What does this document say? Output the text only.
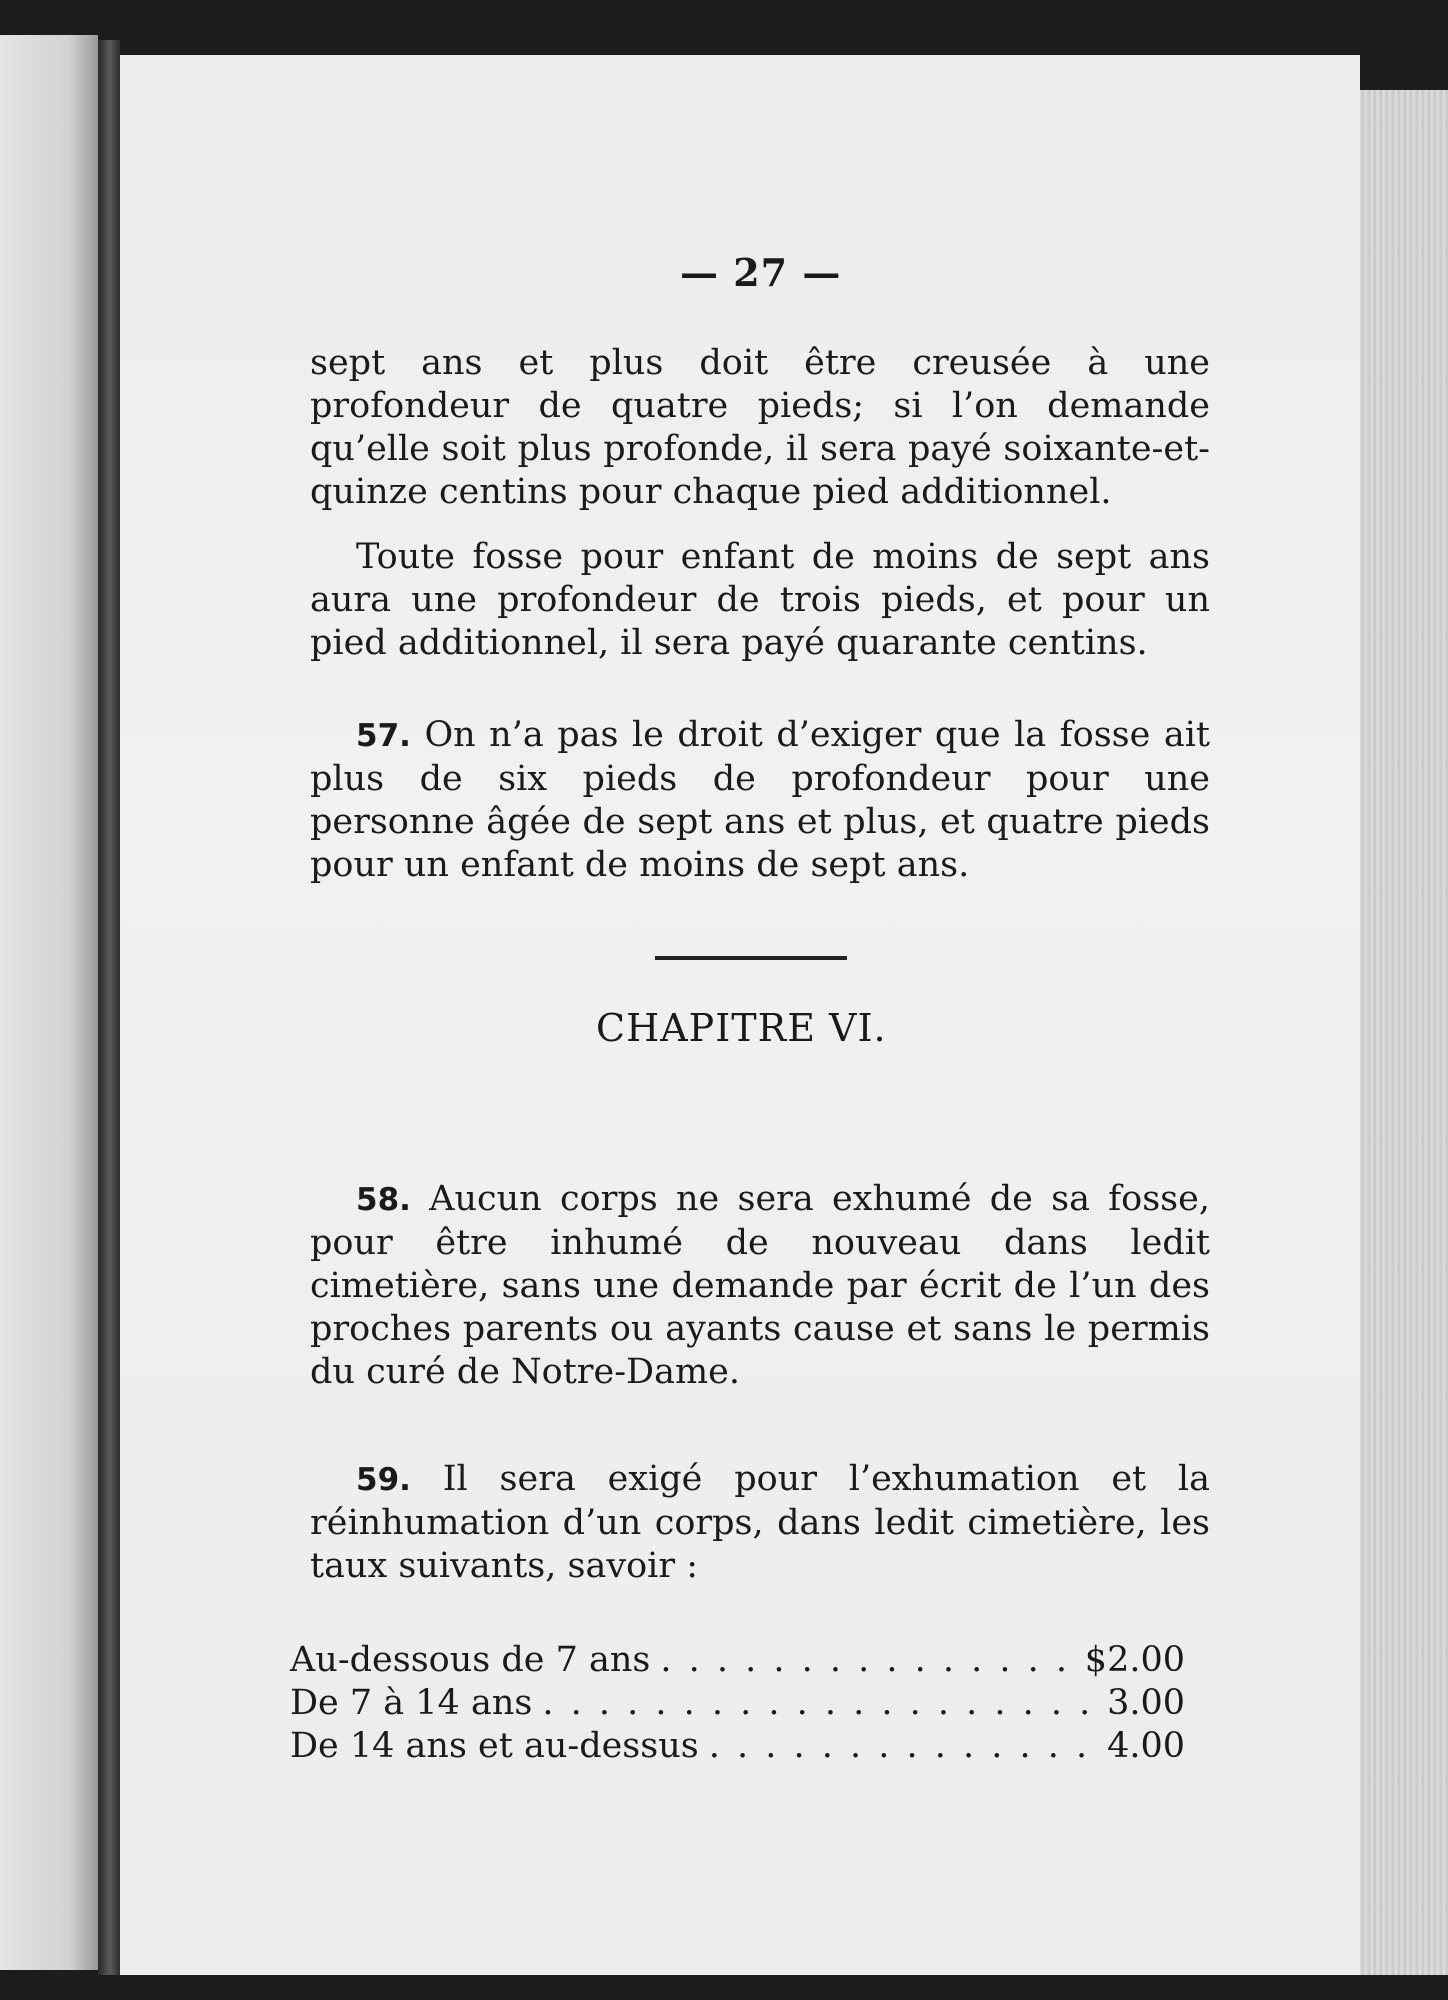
— 27 —

sept ans et plus doit être creusée à une profondeur de quatre pieds; si l’on demande qu’elle soit plus profonde, il sera payé soixante-et-quinze centins pour chaque pied additionnel.

Toute fosse pour enfant de moins de sept ans aura une profondeur de trois pieds, et pour un pied additionnel, il sera payé quarante centins.

57. On n’a pas le droit d’exiger que la fosse ait plus de six pieds de profondeur pour une personne âgée de sept ans et plus, et quatre pieds pour un enfant de moins de sept ans.

CHAPITRE VI.

58. Aucun corps ne sera exhumé de sa fosse, pour être inhumé de nouveau dans ledit cimetière, sans une demande par écrit de l’un des proches parents ou ayants cause et sans le permis du curé de Notre-Dame.

59. Il sera exigé pour l’exhumation et la réinhumation d’un corps, dans ledit cimetière, les taux suivants, savoir :

Au-dessous de 7 ans . . .	$2.00
De 7 à 14 ans . . .	3.00
De 14 ans et au-dessus . . .	4.00
